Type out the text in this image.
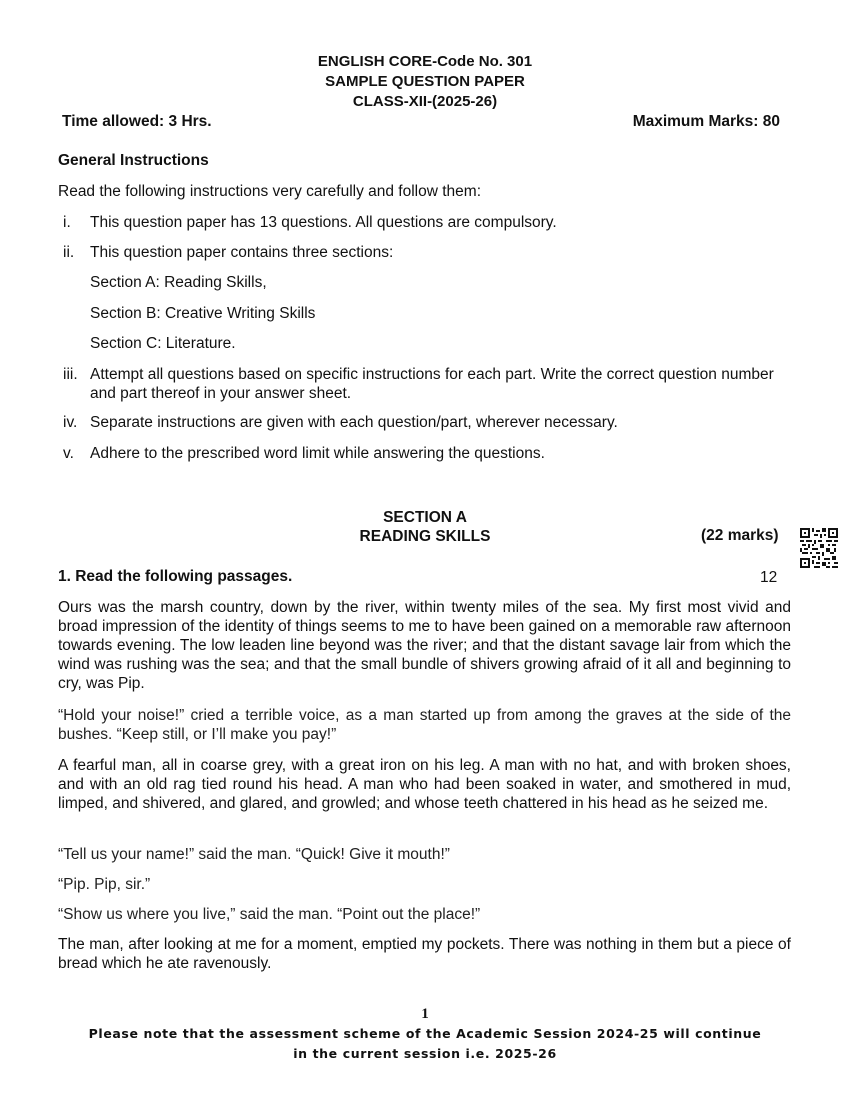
ENGLISH CORE-Code No. 301
SAMPLE QUESTION PAPER
CLASS-XII-(2025-26)
Time allowed: 3 Hrs.	Maximum Marks: 80
General Instructions
Read the following instructions very carefully and follow them:
i.	This question paper has 13 questions. All questions are compulsory.
ii.	This question paper contains three sections:
Section A: Reading Skills,
Section B: Creative Writing Skills
Section C: Literature.
iii. Attempt all questions based on specific instructions for each part. Write the correct question number and part thereof in your answer sheet.
iv. Separate instructions are given with each question/part, wherever necessary.
v.	Adhere to the prescribed word limit while answering the questions.
SECTION A
READING SKILLS	(22 marks)
1. Read the following passages.	12
Ours was the marsh country, down by the river, within twenty miles of the sea. My first most vivid and broad impression of the identity of things seems to me to have been gained on a memorable raw afternoon towards evening. The low leaden line beyond was the river; and that the distant savage lair from which the wind was rushing was the sea; and that the small bundle of shivers growing afraid of it all and beginning to cry, was Pip.
“Hold your noise!” cried a terrible voice, as a man started up from among the graves at the side of the bushes. “Keep still, or I’ll make you pay!”
A fearful man, all in coarse grey, with a great iron on his leg. A man with no hat, and with broken shoes, and with an old rag tied round his head. A man who had been soaked in water, and smothered in mud, limped, and shivered, and glared, and growled; and whose teeth chattered in his head as he seized me.
“Tell us your name!” said the man. “Quick! Give it mouth!”
“Pip. Pip, sir.”
“Show us where you live,” said the man. “Point out the place!”
The man, after looking at me for a moment, emptied my pockets. There was nothing in them but a piece of bread which he ate ravenously.
1
Please note that the assessment scheme of the Academic Session 2024-25 will continue
in the current session i.e. 2025-26
